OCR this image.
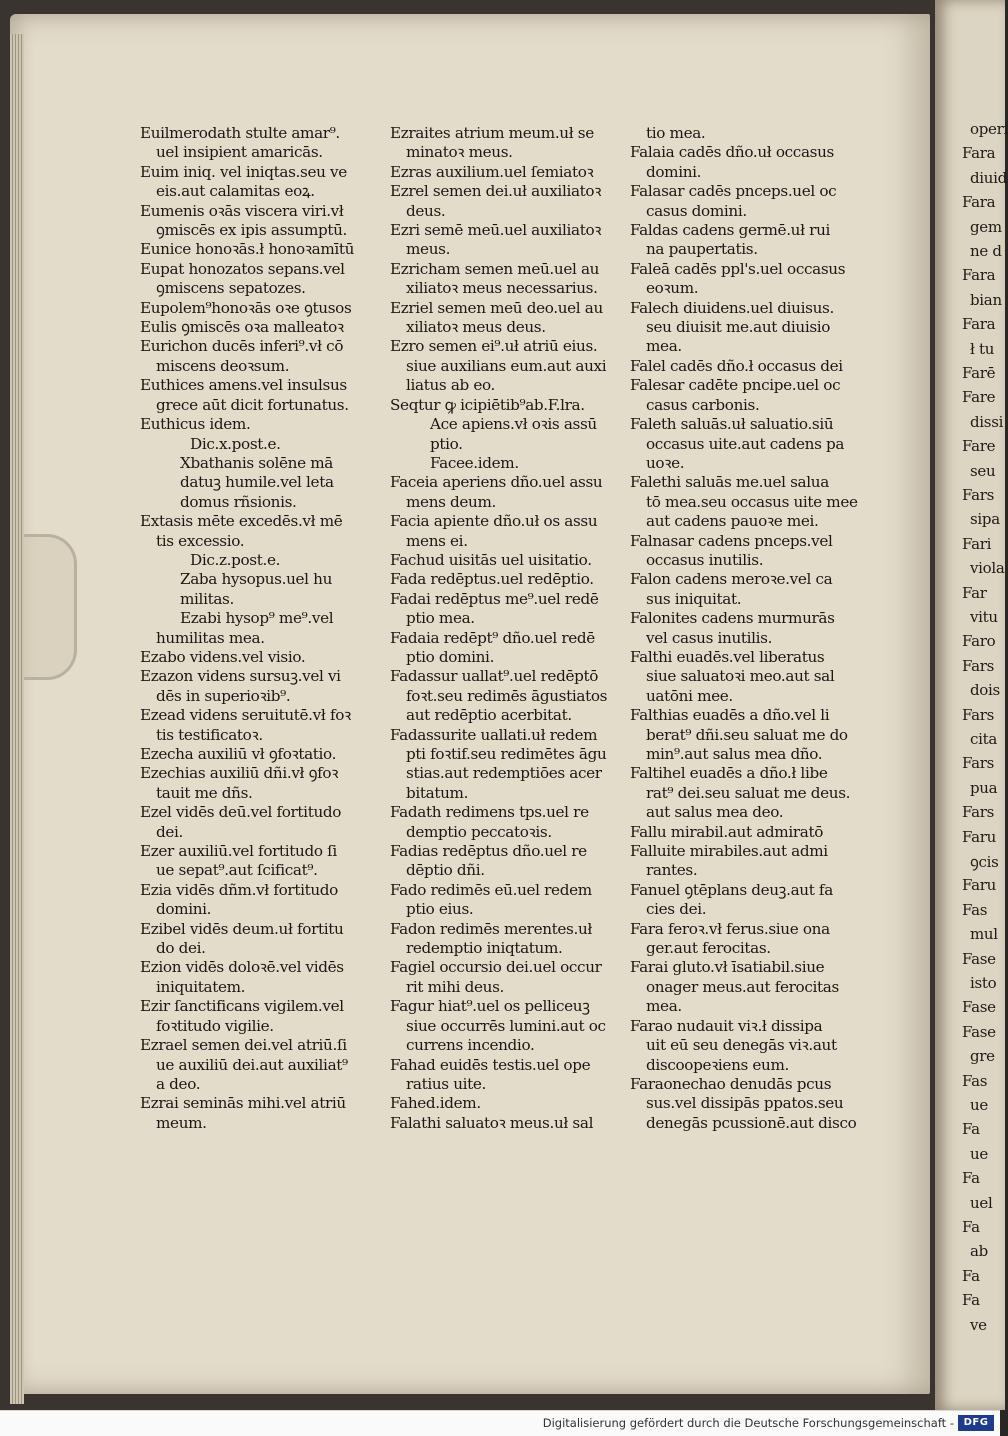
Euilmerodath stulte amar⁹.
uel insipient amaricās.
Euim iniq. vel iniqtas.seu ve
eis.aut calamitas eoꝝ.
Eumenis oꝛās viscera viri.vł
ꝯmiscēs ex ipis assumptū.
Eunice honoꝛās.ł honoꝛamītū
Eupat honozatos sepans.vel
ꝯmiscens sepatozes.
Eupolem⁹honoꝛās oꝛe ꝯtusos
Eulis ꝯmiscēs oꝛa malleatoꝛ
Eurichon ducēs inferi⁹.vł cō
miscens deoꝛsum.
Euthices amens.vel insulsus
grece aūt dicit fortunatus.
Euthicus idem.
Dic.x.post.e.
Xbathanis solēne mā
datuꝫ humile.vel leta
domus rñsionis.
Extasis mēte excedēs.vł mē
tis excessio.
Dic.z.post.e.
Zaba hysopus.uel hu
militas.
Ezabi hysop⁹ me⁹.vel
humilitas mea.
Ezabo videns.vel visio.
Ezazon videns sursuꝫ.vel vi
dēs in superioꝛib⁹.
Ezead videns seruitutē.vł foꝛ
tis testificatoꝛ.
Ezecha auxiliū vł ꝯfoꝛtatio.
Ezechias auxiliū dñi.vł ꝯfoꝛ
tauit me dñs.
Ezel vidēs deū.vel fortitudo
dei.
Ezer auxiliū.vel fortitudo ſi
ue sepat⁹.aut ſcificat⁹.
Ezia vidēs dñm.vł fortitudo
domini.
Ezibel vidēs deum.uł fortitu
do dei.
Ezion vidēs doloꝛē.vel vidēs
iniquitatem.
Ezir ſanctificans vigilem.vel
foꝛtitudo vigilie.
Ezrael semen dei.vel atriū.ſi
ue auxiliū dei.aut auxiliat⁹
a deo.
Ezrai seminās mihi.vel atriū
meum.
Ezraites atrium meum.uł se
minatoꝛ meus.
Ezras auxilium.uel ſemiatoꝛ
Ezrel semen dei.uł auxiliatoꝛ
deus.
Ezri semē meū.uel auxiliatoꝛ
meus.
Ezricham semen meū.uel au
xiliatoꝛ meus necessarius.
Ezriel semen meū deo.uel au
xiliatoꝛ meus deus.
Ezro semen ei⁹.uł atriū eius.
siue auxilians eum.aut auxi
liatus ab eo.
Seqtur ꝙ icipiētib⁹ab.F.lra.
Ace apiens.vł oꝛis assū
ptio.
Facee.idem.
Faceia aperiens dño.uel assu
mens deum.
Facia apiente dño.uł os assu
mens ei.
Fachud uisitās uel uisitatio.
Fada redēptus.uel redēptio.
Fadai redēptus me⁹.uel redē
ptio mea.
Fadaia redēpt⁹ dño.uel redē
ptio domini.
Fadassur uallat⁹.uel redēptō
foꝛt.seu redimēs āgustiatos
aut redēptio acerbitat.
Fadassurite uallati.uł redem
pti foꝛtif.seu redimētes āgu
stias.aut redemptiōes acer
bitatum.
Fadath redimens tps.uel re
demptio peccatoꝛis.
Fadias redēptus dño.uel re
dēptio dñi.
Fado redimēs eū.uel redem
ptio eius.
Fadon redimēs merentes.uł
redemptio iniqtatum.
Fagiel occursio dei.uel occur
rit mihi deus.
Fagur hiat⁹.uel os pelliceuꝫ
siue occurrēs lumini.aut oc
currens incendio.
Fahad euidēs testis.uel ope
ratius uite.
Fahed.idem.
Falathi saluatoꝛ meus.uł sal
tio mea.
Falaia cadēs dño.uł occasus
domini.
Falasar cadēs pnceps.uel oc
casus domini.
Faldas cadens germē.uł rui
na paupertatis.
Faleā cadēs ppl's.uel occasus
eoꝛum.
Falech diuidens.uel diuisus.
seu diuisit me.aut diuisio
mea.
Falel cadēs dño.ł occasus dei
Falesar cadēte pncipe.uel oc
casus carbonis.
Faleth saluās.uł saluatio.siū
occasus uite.aut cadens pa
uoꝛe.
Falethi saluās me.uel salua
tō mea.seu occasus uite mee
aut cadens pauoꝛe mei.
Falnasar cadens pnceps.vel
occasus inutilis.
Falon cadens meroꝛe.vel ca
sus iniquitat.
Falonites cadens murmurās
vel casus inutilis.
Falthi euadēs.vel liberatus
siue saluatoꝛi meo.aut sal
uatōni mee.
Falthias euadēs a dño.vel li
berat⁹ dñi.seu saluat me do
min⁹.aut salus mea dño.
Faltihel euadēs a dño.ł libe
rat⁹ dei.seu saluat me deus.
aut salus mea deo.
Fallu mirabil.aut admiratō
Falluite mirabiles.aut admi
rantes.
Fanuel ꝯtēplans deuꝫ.aut fa
cies dei.
Fara feroꝛ.vł ferus.siue ona
ger.aut ferocitas.
Farai gluto.vł īsatiabil.siue
onager meus.aut ferocitas
mea.
Farao nudauit viꝛ.ł dissipa
uit eū seu denegās viꝛ.aut
discoopeꝛiens eum.
Faraonechao denudās pcus
sus.vel dissipās ppatos.seu
denegās pcussionē.aut disco
operi
Fara
diuid
Fara
gem
ne d
Fara
bian
Fara
ł tu
Farē
Fare
dissi
Fare
seu
Fars
sipa
Fari
viola
Far
vitu
Faro
Fars
dois
Fars
cita
Fars
pua
Fars
Faru
ꝯcis
Faru
Fas
mul
Fase
isto
Fase
Fase
gre
Fas
ue
Fa
ue
Fa
uel
Fa
ab
Fa
Fa
ve
Digitalisierung gefördert durch die Deutsche Forschungsgemeinschaft - DFG
